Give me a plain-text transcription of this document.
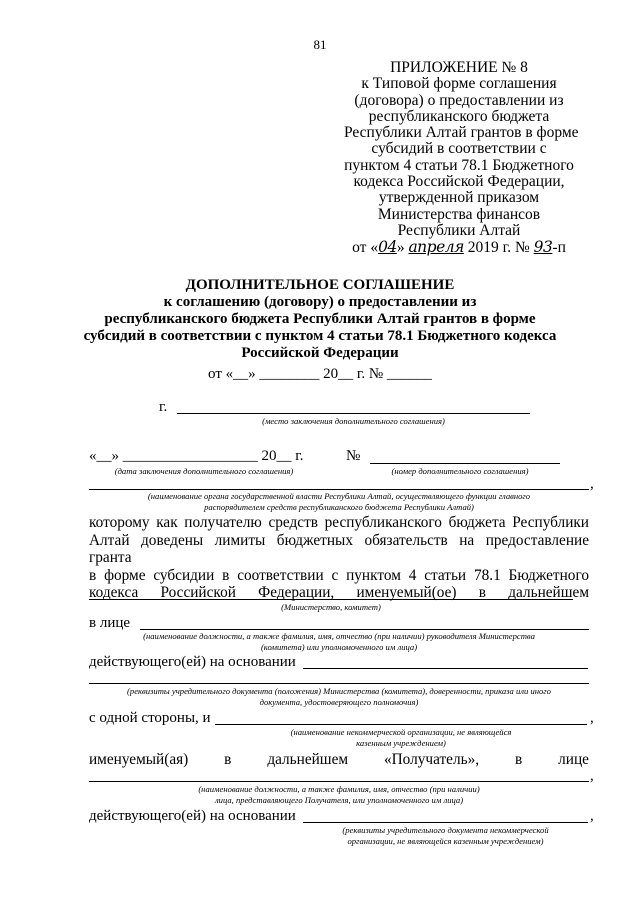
81
ПРИЛОЖЕНИЕ № 8
к Типовой форме соглашения
(договора) о предоставлении из
республиканского бюджета
Республики Алтай грантов в форме
субсидий в соответствии с
пунктом 4 статьи 78.1 Бюджетного
кодекса Российской Федерации,
утвержденной приказом
Министерства финансов
Республики Алтай
от «04» апреля 2019 г. № 93-п
ДОПОЛНИТЕЛЬНОЕ СОГЛАШЕНИЕ
к соглашению (договору) о предоставлении из
республиканского бюджета Республики Алтай грантов в форме
субсидий в соответствии с пунктом 4 статьи 78.1 Бюджетного кодекса
Российской Федерации
от «__» ________ 20__ г. № ______
г.
(место заключения дополнительного соглашения)
«__» __________________ 20__ г.	№
(дата заключения дополнительного соглашения)	(номер дополнительного соглашения)
,
(наименование органа государственной власти Республики Алтай, осуществляющего функции главного
распорядителем средств республиканского бюджета Республики Алтай)
которому как получателю средств республиканского бюджета Республики
Алтай доведены лимиты бюджетных обязательств на предоставление гранта
в форме субсидии в соответствии с пунктом 4 статьи 78.1 Бюджетного
кодекса Российской Федерации, именуемый(ое) в дальнейшем
(Министерство, комитет)
в лице
(наименование должности, а также фамилия, имя, отчество (при наличии) руководителя Министерства
(комитета) или уполномоченного им лица)
действующего(ей) на основании
(реквизиты учредительного документа (положения) Министерства (комитета), доверенности, приказа или иного
документа, удостоверяющего полномочия)
с одной стороны, и	,
(наименование некоммерческой организации, не являющейся
казенным учреждением)
именуемый(ая) в дальнейшем «Получатель», в лице
,
(наименование должности, а также фамилия, имя, отчество (при наличии)
лица, представляющего Получателя, или уполномоченного им лица)
действующего(ей) на основании	,
(реквизиты учредительного документа некоммерческой
организации, не являющейся казенным учреждением)
